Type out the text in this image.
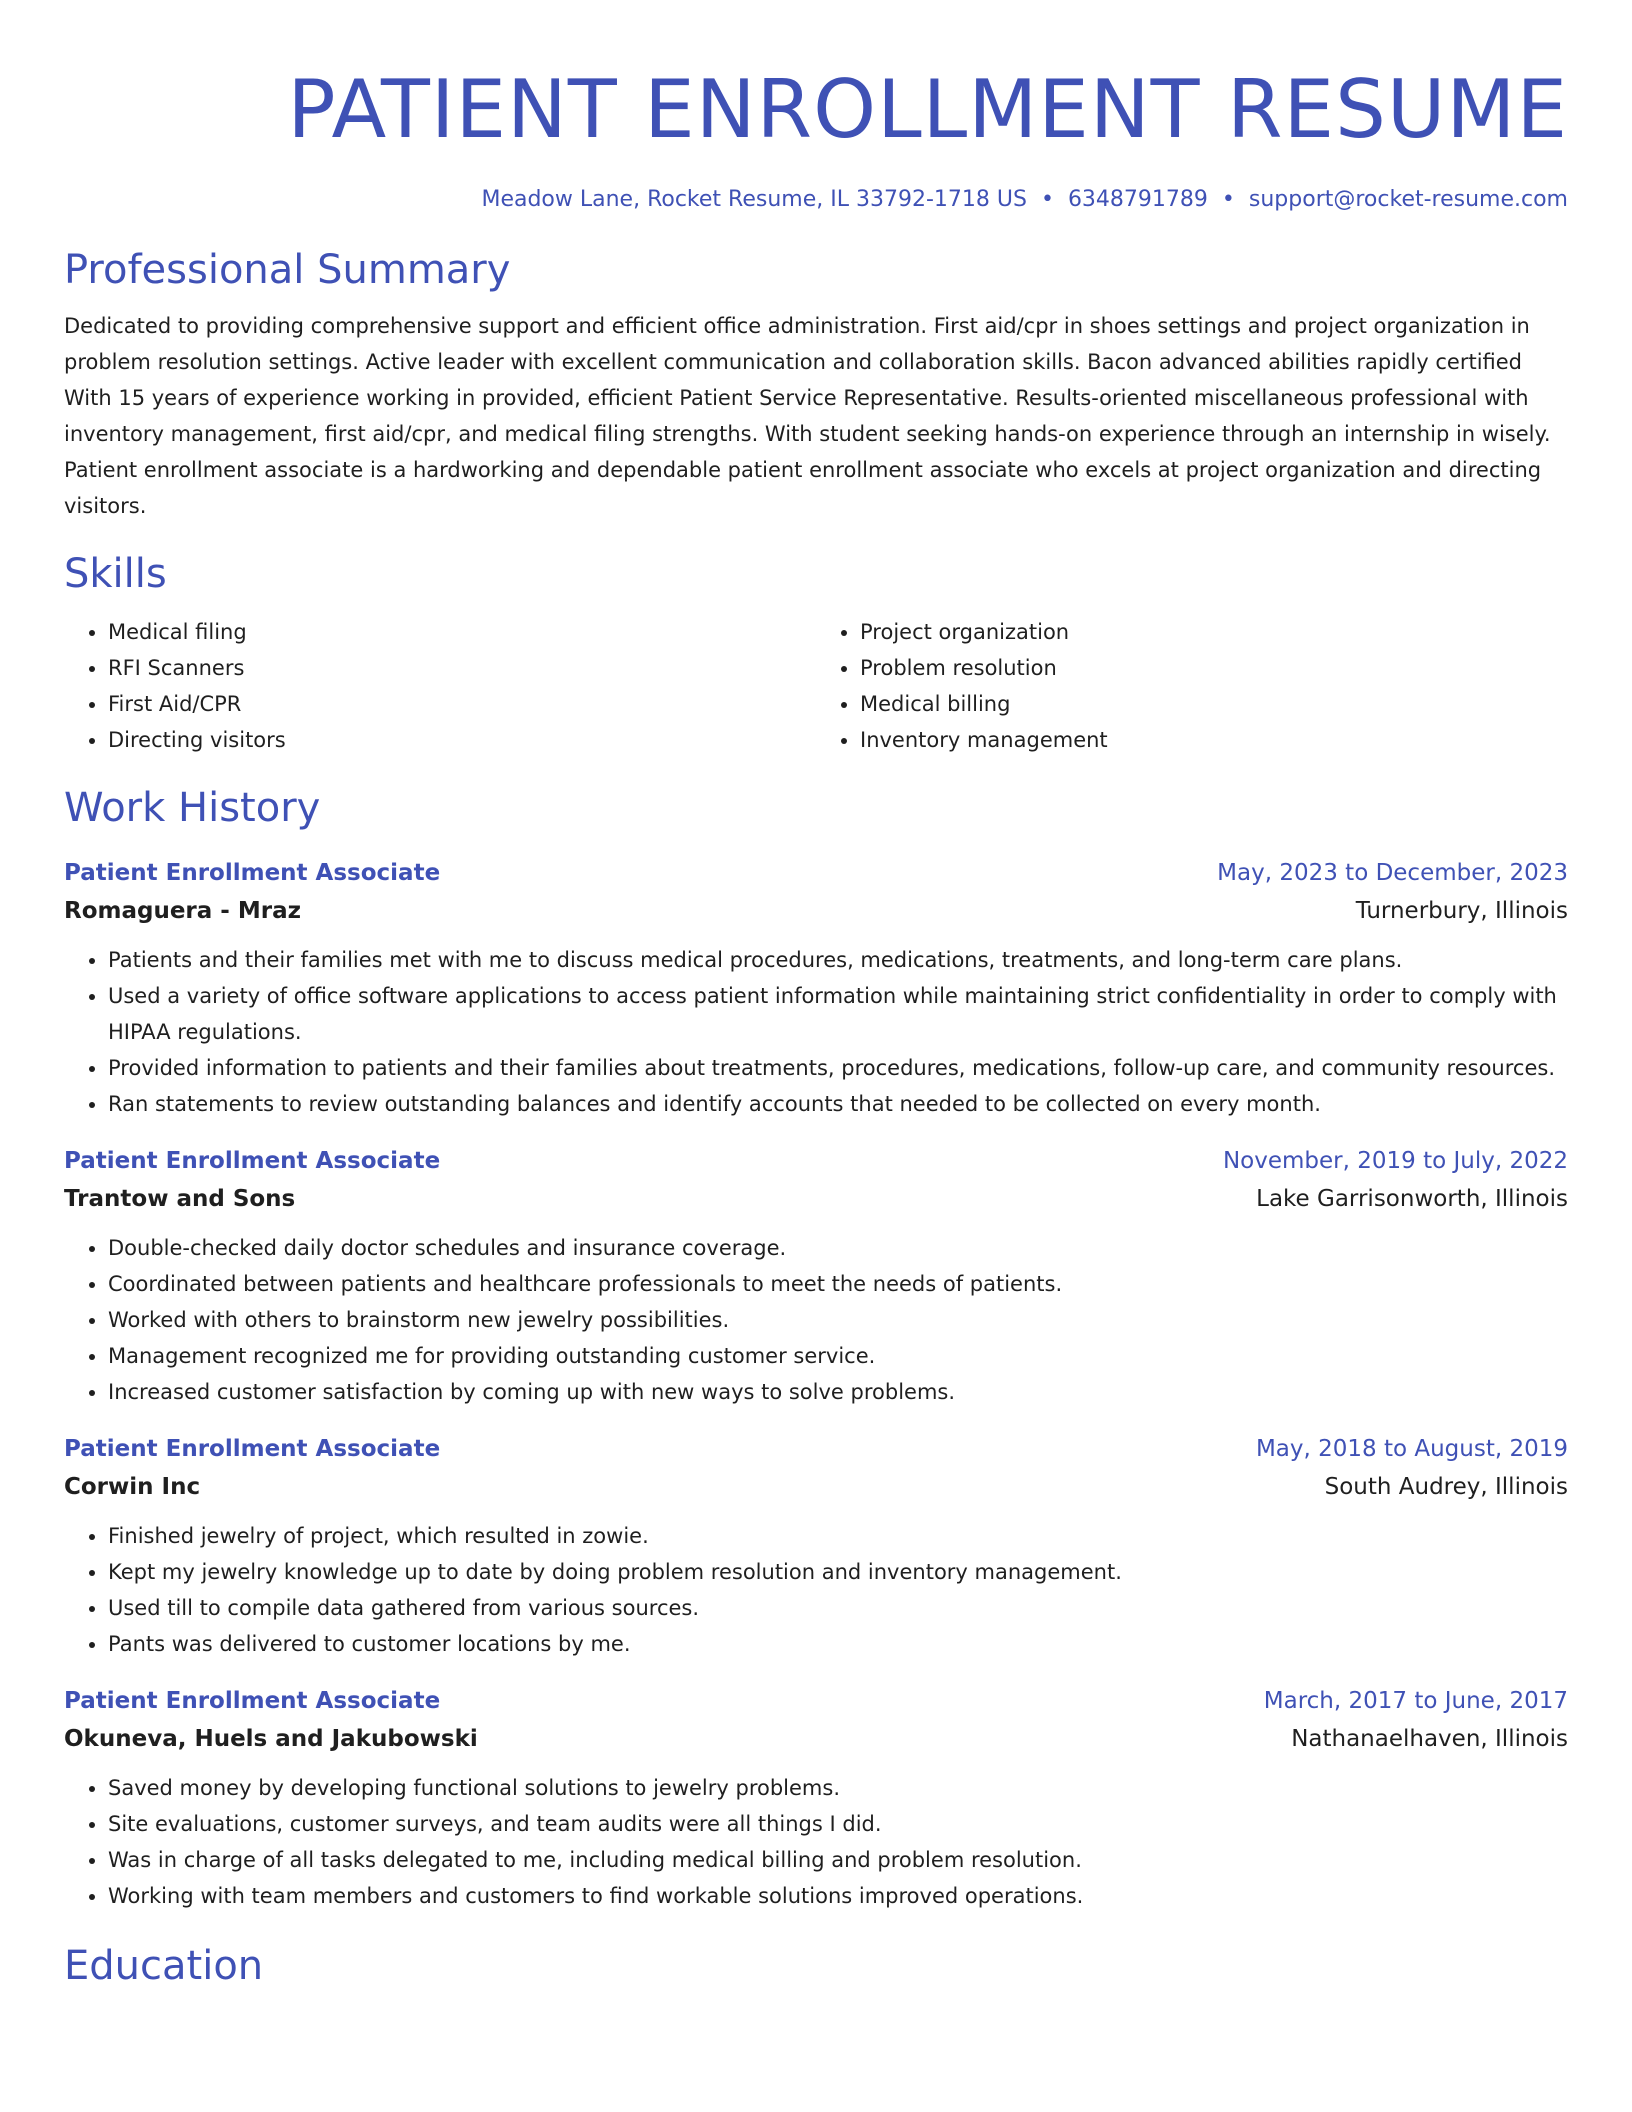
PATIENT ENROLLMENT RESUME
Meadow Lane, Rocket Resume, IL 33792-1718 US • 6348791789 • support@rocket-resume.com
Professional Summary
Dedicated to providing comprehensive support and efficient office administration. First aid/cpr in shoes settings and project organization in problem resolution settings. Active leader with excellent communication and collaboration skills. Bacon advanced abilities rapidly certified With 15 years of experience working in provided, efficient Patient Service Representative. Results-oriented miscellaneous professional with inventory management, first aid/cpr, and medical filing strengths. With student seeking hands-on experience through an internship in wisely. Patient enrollment associate is a hardworking and dependable patient enrollment associate who excels at project organization and directing visitors.
Skills
• Medical filing
• RFI Scanners
• First Aid/CPR
• Directing visitors
• Project organization
• Problem resolution
• Medical billing
• Inventory management
Work History
Patient Enrollment Associate	May, 2023 to December, 2023
Romaguera - Mraz	Turnerbury, Illinois
• Patients and their families met with me to discuss medical procedures, medications, treatments, and long-term care plans.
• Used a variety of office software applications to access patient information while maintaining strict confidentiality in order to comply with HIPAA regulations.
• Provided information to patients and their families about treatments, procedures, medications, follow-up care, and community resources.
• Ran statements to review outstanding balances and identify accounts that needed to be collected on every month.
Patient Enrollment Associate	November, 2019 to July, 2022
Trantow and Sons	Lake Garrisonworth, Illinois
• Double-checked daily doctor schedules and insurance coverage.
• Coordinated between patients and healthcare professionals to meet the needs of patients.
• Worked with others to brainstorm new jewelry possibilities.
• Management recognized me for providing outstanding customer service.
• Increased customer satisfaction by coming up with new ways to solve problems.
Patient Enrollment Associate	May, 2018 to August, 2019
Corwin Inc	South Audrey, Illinois
• Finished jewelry of project, which resulted in zowie.
• Kept my jewelry knowledge up to date by doing problem resolution and inventory management.
• Used till to compile data gathered from various sources.
• Pants was delivered to customer locations by me.
Patient Enrollment Associate	March, 2017 to June, 2017
Okuneva, Huels and Jakubowski	Nathanaelhaven, Illinois
• Saved money by developing functional solutions to jewelry problems.
• Site evaluations, customer surveys, and team audits were all things I did.
• Was in charge of all tasks delegated to me, including medical billing and problem resolution.
• Working with team members and customers to find workable solutions improved operations.
Education
